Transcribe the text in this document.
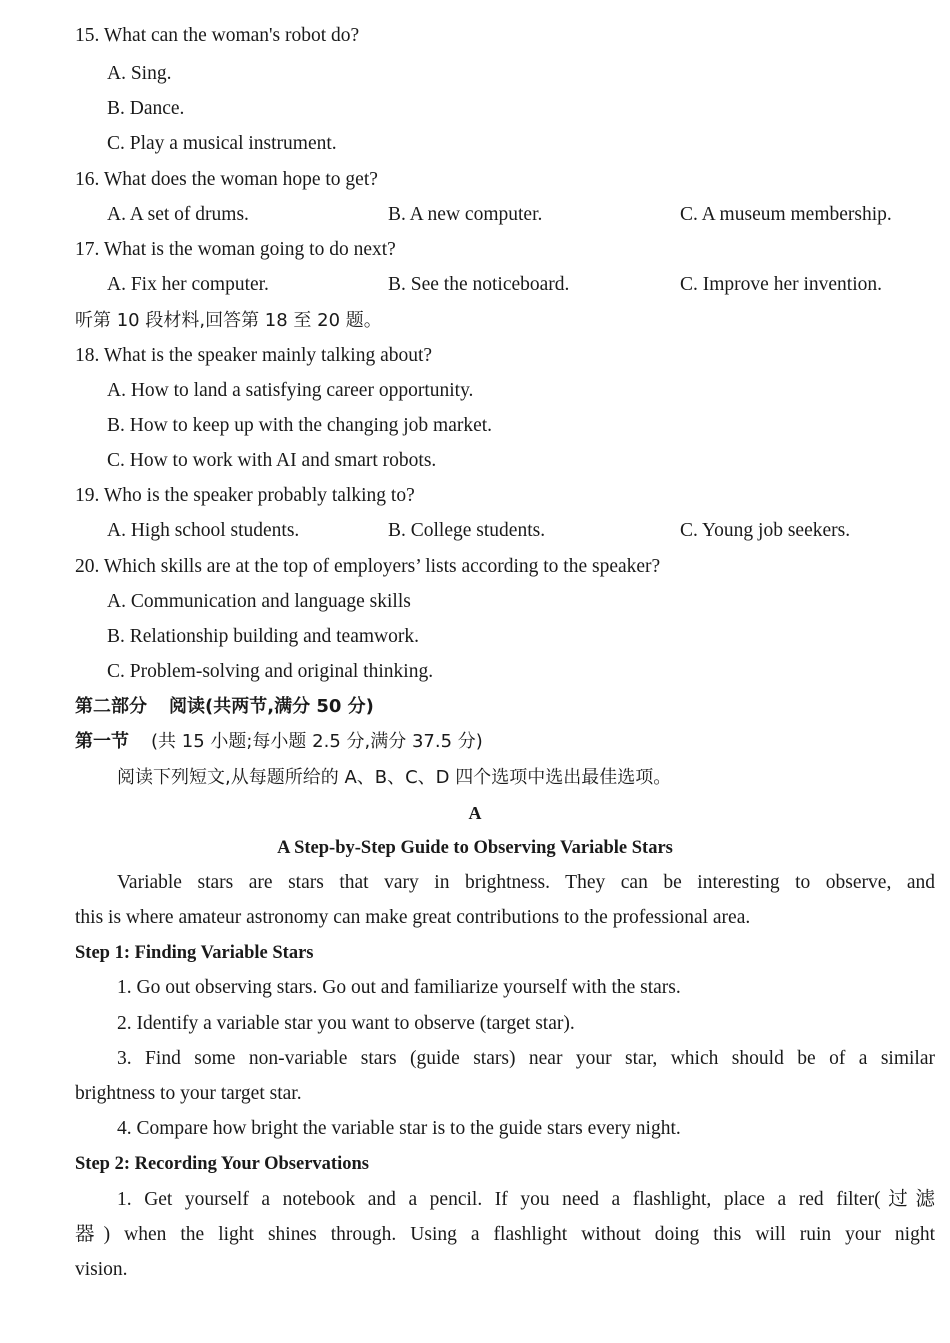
15. What can the woman's robot do?
A. Sing.
B. Dance.
C. Play a musical instrument.
16. What does the woman hope to get?
A. A set of drums.	B. A new computer.	C. A museum membership.
17. What is the woman going to do next?
A. Fix her computer.	B. See the noticeboard.	C. Improve her invention.
听第 10 段材料,回答第 18 至 20 题。
18. What is the speaker mainly talking about?
A. How to land a satisfying career opportunity.
B. How to keep up with the changing job market.
C. How to work with AI and smart robots.
19. Who is the speaker probably talking to?
A. High school students.	B. College students.	C. Young job seekers.
20. Which skills are at the top of employers’ lists according to the speaker?
A. Communication and language skills
B. Relationship building and teamwork.
C. Problem-solving and original thinking.
第二部分 阅读(共两节,满分 50 分)
第一节 (共 15 小题;每小题 2.5 分,满分 37.5 分)
阅读下列短文,从每题所给的 A、B、C、D 四个选项中选出最佳选项。
A
A Step-by-Step Guide to Observing Variable Stars
Variable stars are stars that vary in brightness. They can be interesting to observe, and
this is where amateur astronomy can make great contributions to the professional area.
Step 1: Finding Variable Stars
1. Go out observing stars. Go out and familiarize yourself with the stars.
2. Identify a variable star you want to observe (target star).
3. Find some non-variable stars (guide stars) near your star, which should be of a similar
brightness to your target star.
4. Compare how bright the variable star is to the guide stars every night.
Step 2: Recording Your Observations
1. Get yourself a notebook and a pencil. If you need a flashlight, place a red filter(过滤
器) when the light shines through. Using a flashlight without doing this will ruin your night
vision.
